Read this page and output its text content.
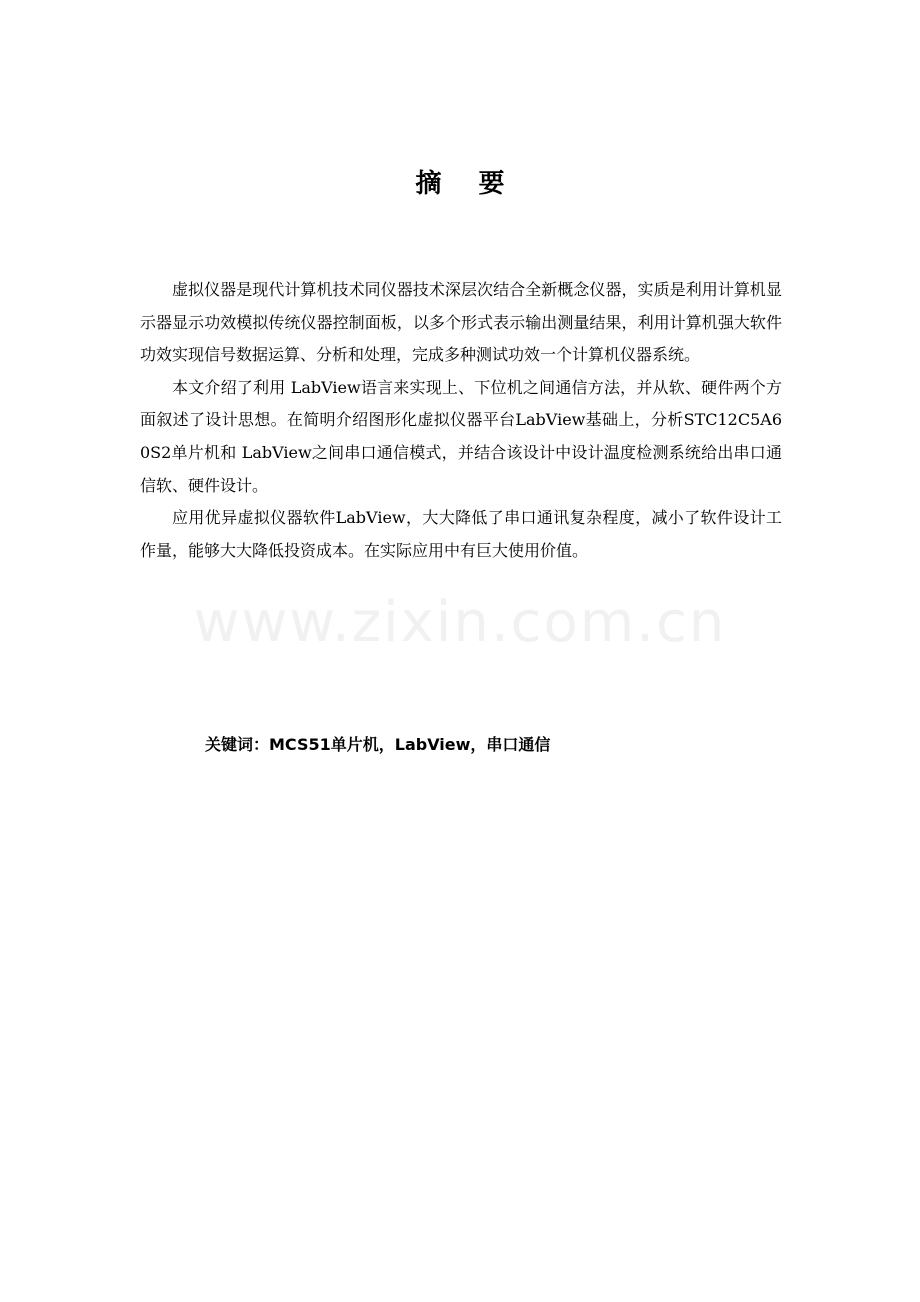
www.zixin.com.cn
摘 要

虚拟仪器是现代计算机技术同仪器技术深层次结合全新概念仪器，实质是利用计算机显示器显示功效模拟传统仪器控制面板，以多个形式表示输出测量结果，利用计算机强大软件功效实现信号数据运算、分析和处理，完成多种测试功效一个计算机仪器系统。

本文介绍了利用 LabView语言来实现上、下位机之间通信方法，并从软、硬件两个方面叙述了设计思想。在简明介绍图形化虚拟仪器平台LabView基础上，分析STC12C5A60S2单片机和 LabView之间串口通信模式，并结合该设计中设计温度检测系统给出串口通信软、硬件设计。

应用优异虚拟仪器软件LabView，大大降低了串口通讯复杂程度，减小了软件设计工作量，能够大大降低投资成本。在实际应用中有巨大使用价值。

关键词：MCS51单片机，LabView，串口通信
